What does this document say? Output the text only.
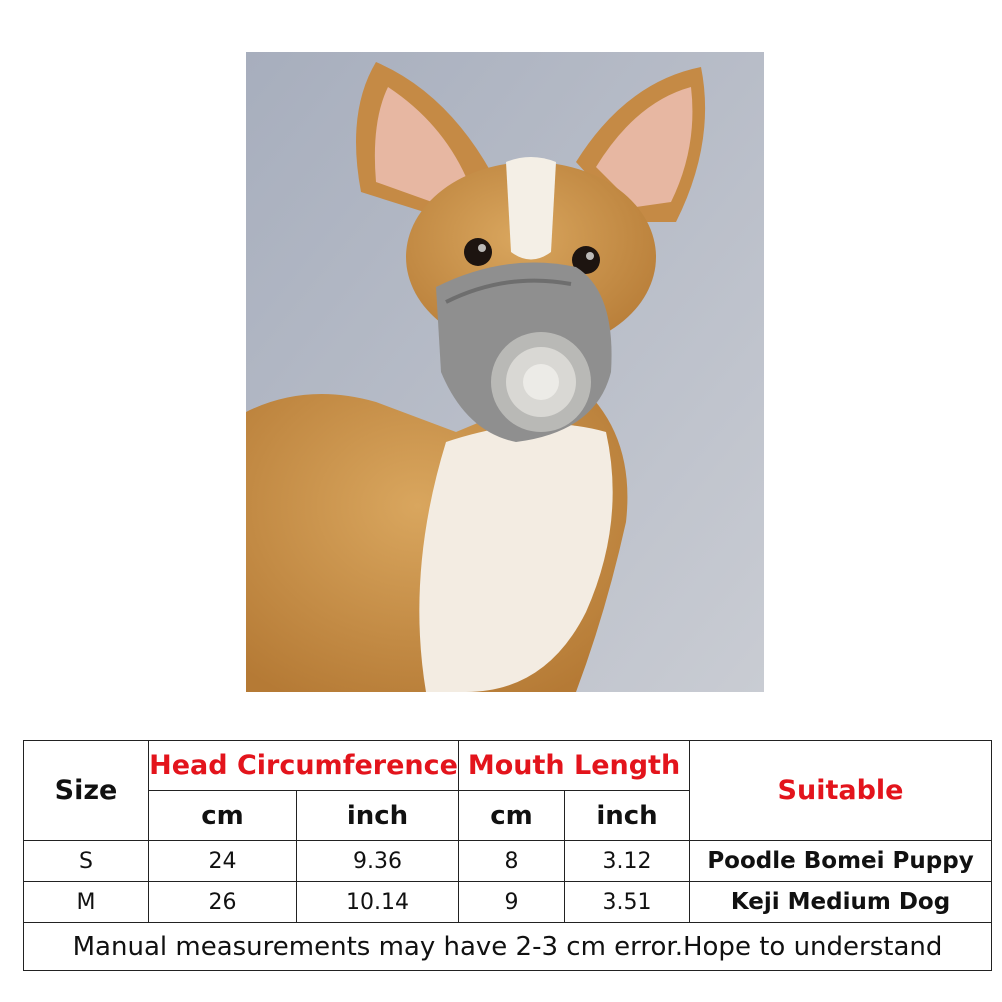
Size	Head Circumference		Mouth Length		Suitable
	cm	inch	cm	inch	
S	24	9.36	8	3.12	Poodle Bomei Puppy
M	26	10.14	9	3.51	Keji Medium Dog
Manual measurements may have 2-3 cm error.Hope to understand					
